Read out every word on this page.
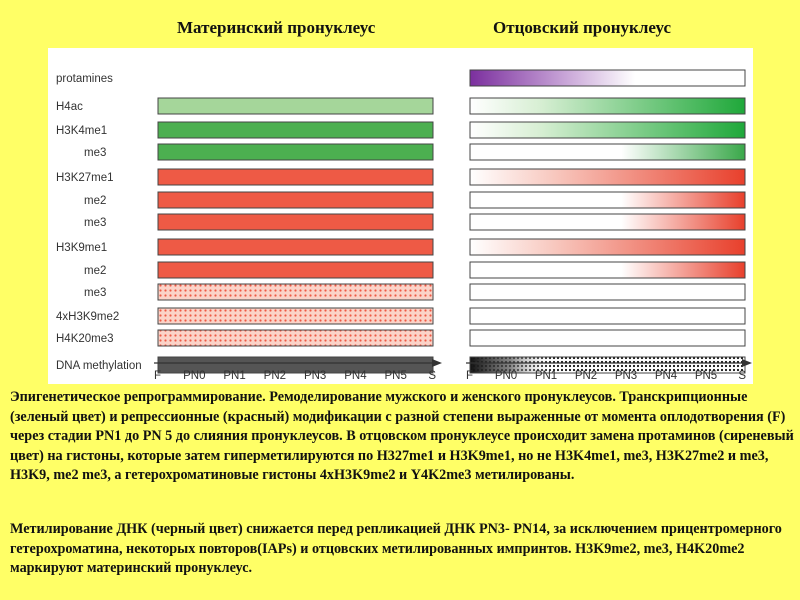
Материнский пронуклеус	Отцовский пронуклеус
protamines
H4ac
H3K4me1
me3
H3K27me1
me2
me3
H3K9me1
me2
me3
4xH3K9me2
H4K20me3
DNA methylation
F PN0 PN1 PN2 PN3 PN4 PN5 S	F PN0 PN1 PN2 PN3 PN4 PN5 S
Эпигенетическое репрограммирование. Ремоделирование мужского и женского пронуклеусов. Транскрипционные (зеленый цвет) и репрессионные (красный) модификации с разной степени выраженные от момента оплодотворения (F) через стадии PN1 до PN 5 до слияния пронуклеусов. В отцовском пронуклеусе происходит замена протаминов (сиреневый цвет) на гистоны, которые затем гиперметилируются по H327me1 и H3K9me1, но не H3K4me1, me3, H3K27me2 и me3, H3K9, me2 me3, а гетерохроматиновые гистоны 4xH3K9me2 и Y4K2me3 метилированы.
Метилирование ДНК (черный цвет) снижается перед репликацией ДНК PN3- PN14, за исключением прицентромерного гетерохроматина, некоторых повторов(IAPs) и отцовских метилированных импринтов. H3K9me2, me3, H4K20me2 маркируют материнский пронуклеус.
